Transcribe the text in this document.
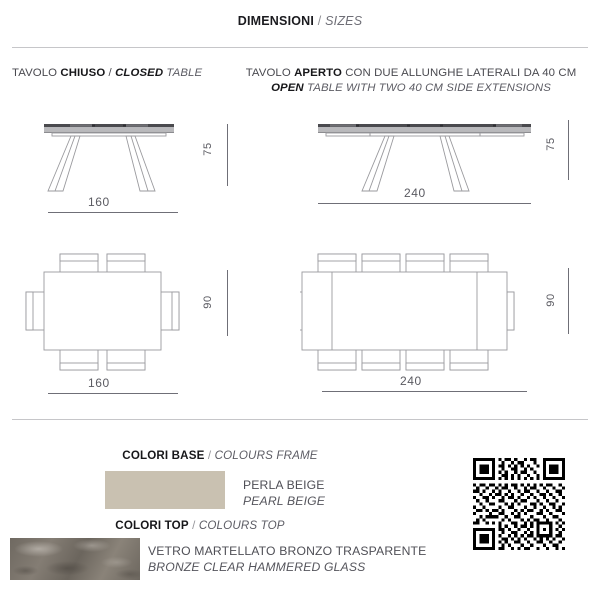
DIMENSIONI / SIZES
TAVOLO CHIUSO / CLOSED TABLE	TAVOLO APERTO CON DUE ALLUNGHE LATERALI DA 40 CM
OPEN TABLE WITH TWO 40 CM SIDE EXTENSIONS
160
75
240
75
160
90
240
90
COLORI BASE / COLOURS FRAME
PERLA BEIGE
PEARL BEIGE
COLORI TOP / COLOURS TOP
VETRO MARTELLATO BRONZO TRASPARENTE
BRONZE CLEAR HAMMERED GLASS
